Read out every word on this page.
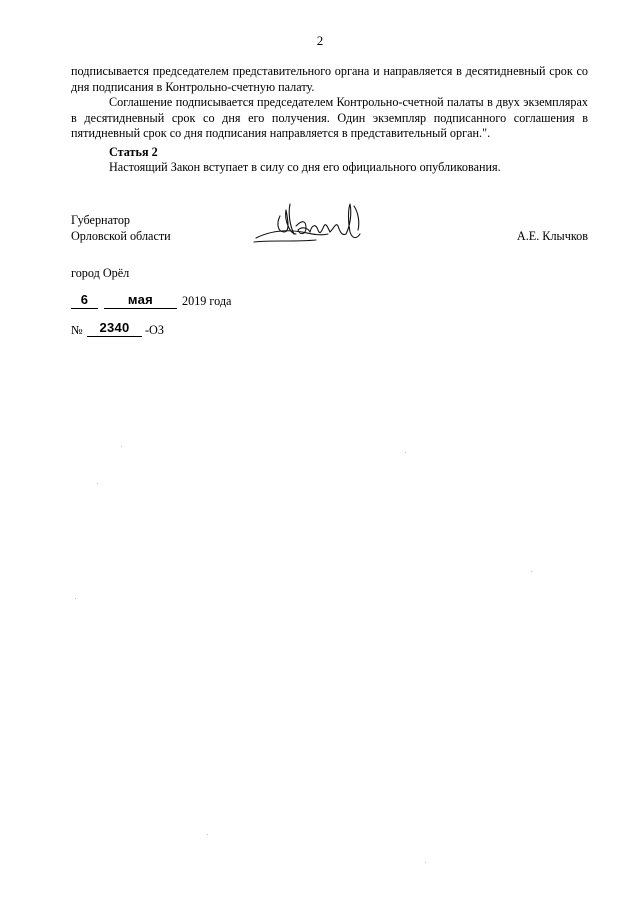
2

подписывается председателем представительного органа и направляется в десятидневный срок со дня подписания в Контрольно-счетную палату.

Соглашение подписывается председателем Контрольно-счетной палаты в двух экземплярах в десятидневный срок со дня его получения. Один экземпляр подписанного соглашения в пятидневный срок со дня подписания направляется в представительный орган.".

Статья 2
Настоящий Закон вступает в силу со дня его официального опубликования.
Губернатор
Орловской области	А.Е. Клычков
город Орёл
6	мая	2019 года
№	2340	-ОЗ
